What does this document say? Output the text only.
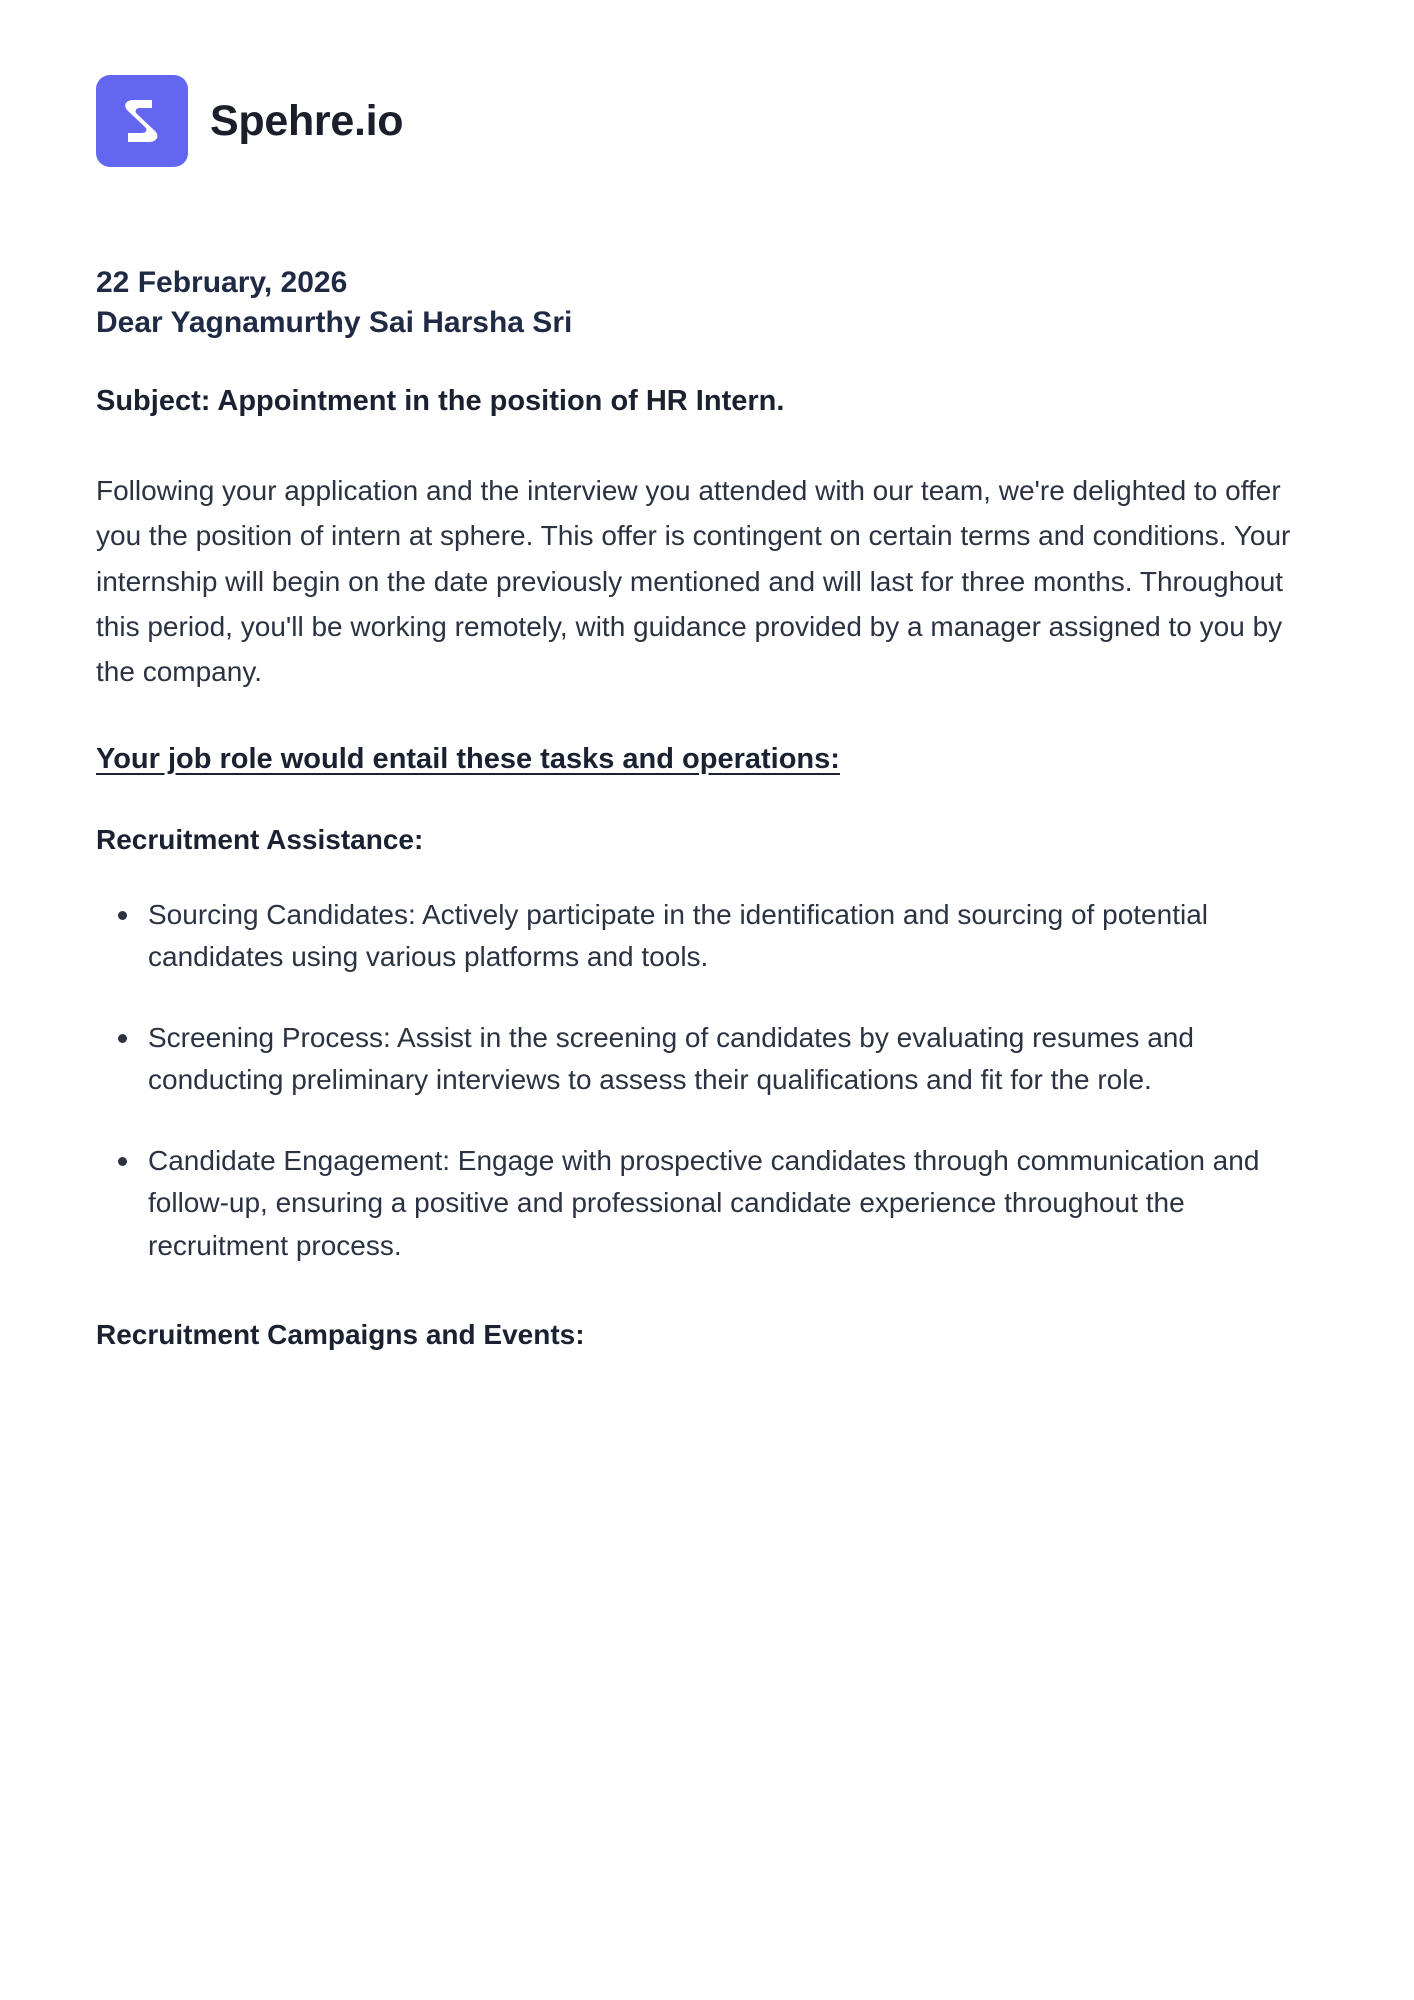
Spehre.io
22 February, 2026
Dear Yagnamurthy Sai Harsha Sri
Subject: Appointment in the position of HR Intern.

Following your application and the interview you attended with our team, we're delighted to offer you the position of intern at sphere. This offer is contingent on certain terms and conditions. Your internship will begin on the date previously mentioned and will last for three months. Throughout this period, you'll be working remotely, with guidance provided by a manager assigned to you by the company.

Your job role would entail these tasks and operations:

Recruitment Assistance:

Sourcing Candidates: Actively participate in the identification and sourcing of potential candidates using various platforms and tools.
Screening Process: Assist in the screening of candidates by evaluating resumes and conducting preliminary interviews to assess their qualifications and fit for the role.
Candidate Engagement: Engage with prospective candidates through communication and follow-up, ensuring a positive and professional candidate experience throughout the recruitment process.

Recruitment Campaigns and Events:
